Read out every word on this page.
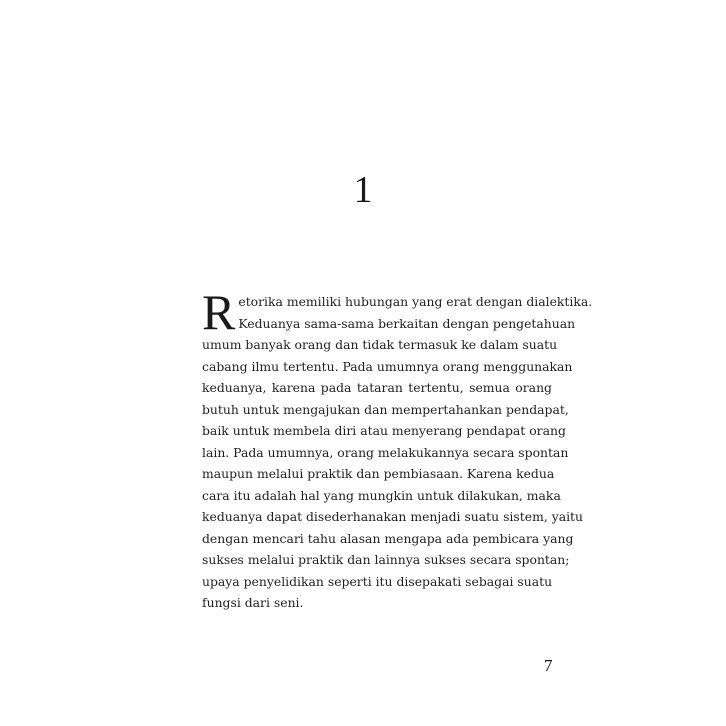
1
R etorika memiliki hubungan yang erat dengan dialektika.
Keduanya sama-sama berkaitan dengan pengetahuan
umum banyak orang dan tidak termasuk ke dalam suatu
cabang ilmu tertentu. Pada umumnya orang menggunakan
keduanya, karena pada tataran tertentu, semua orang
butuh untuk mengajukan dan mempertahankan pendapat,
baik untuk membela diri atau menyerang pendapat orang
lain. Pada umumnya, orang melakukannya secara spontan
maupun melalui praktik dan pembiasaan. Karena kedua
cara itu adalah hal yang mungkin untuk dilakukan, maka
keduanya dapat disederhanakan menjadi suatu sistem, yaitu
dengan mencari tahu alasan mengapa ada pembicara yang
sukses melalui praktik dan lainnya sukses secara spontan;
upaya penyelidikan seperti itu disepakati sebagai suatu
fungsi dari seni.
7
